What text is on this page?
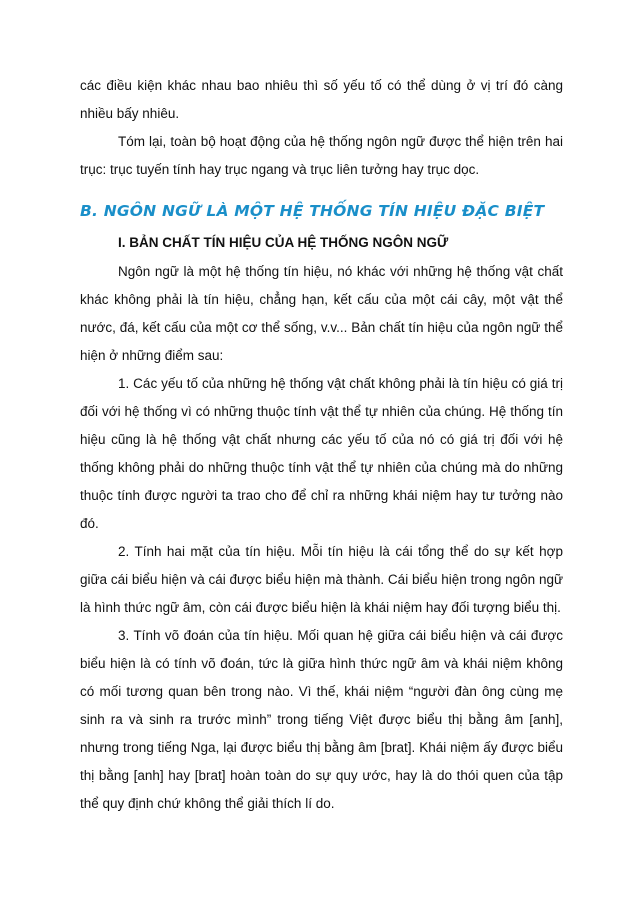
các điều kiện khác nhau bao nhiêu thì số yếu tố có thể dùng ở vị trí đó càng nhiều bấy nhiêu.

Tóm lại, toàn bộ hoạt động của hệ thống ngôn ngữ được thể hiện trên hai trục: trục tuyến tính hay trục ngang và trục liên tưởng hay trục dọc.

B. NGÔN NGỮ LÀ MỘT HỆ THỐNG TÍN HIỆU ĐẶC BIỆT
I. BẢN CHẤT TÍN HIỆU CỦA HỆ THỐNG NGÔN NGỮ

Ngôn ngữ là một hệ thống tín hiệu, nó khác với những hệ thống vật chất khác không phải là tín hiệu, chẳng hạn, kết cấu của một cái cây, một vật thể nước, đá, kết cấu của một cơ thể sống, v.v... Bản chất tín hiệu của ngôn ngữ thể hiện ở những điểm sau:

1. Các yếu tố của những hệ thống vật chất không phải là tín hiệu có giá trị đối với hệ thống vì có những thuộc tính vật thể tự nhiên của chúng. Hệ thống tín hiệu cũng là hệ thống vật chất nhưng các yếu tố của nó có giá trị đối với hệ thống không phải do những thuộc tính vật thể tự nhiên của chúng mà do những thuộc tính được người ta trao cho để chỉ ra những khái niệm hay tư tưởng nào đó.

2. Tính hai mặt của tín hiệu. Mỗi tín hiệu là cái tổng thể do sự kết hợp giữa cái biểu hiện và cái được biểu hiện mà thành. Cái biểu hiện trong ngôn ngữ là hình thức ngữ âm, còn cái được biểu hiện là khái niệm hay đối tượng biểu thị.

3. Tính võ đoán của tín hiệu. Mối quan hệ giữa cái biểu hiện và cái được biểu hiện là có tính võ đoán, tức là giữa hình thức ngữ âm và khái niệm không có mối tương quan bên trong nào. Vì thế, khái niệm “người đàn ông cùng mẹ sinh ra và sinh ra trước mình” trong tiếng Việt được biểu thị bằng âm [anh], nhưng trong tiếng Nga, lại được biểu thị bằng âm [brat]. Khái niệm ấy được biểu thị bằng [anh] hay [brat] hoàn toàn do sự quy ước, hay là do thói quen của tập thể quy định chứ không thể giải thích lí do.
